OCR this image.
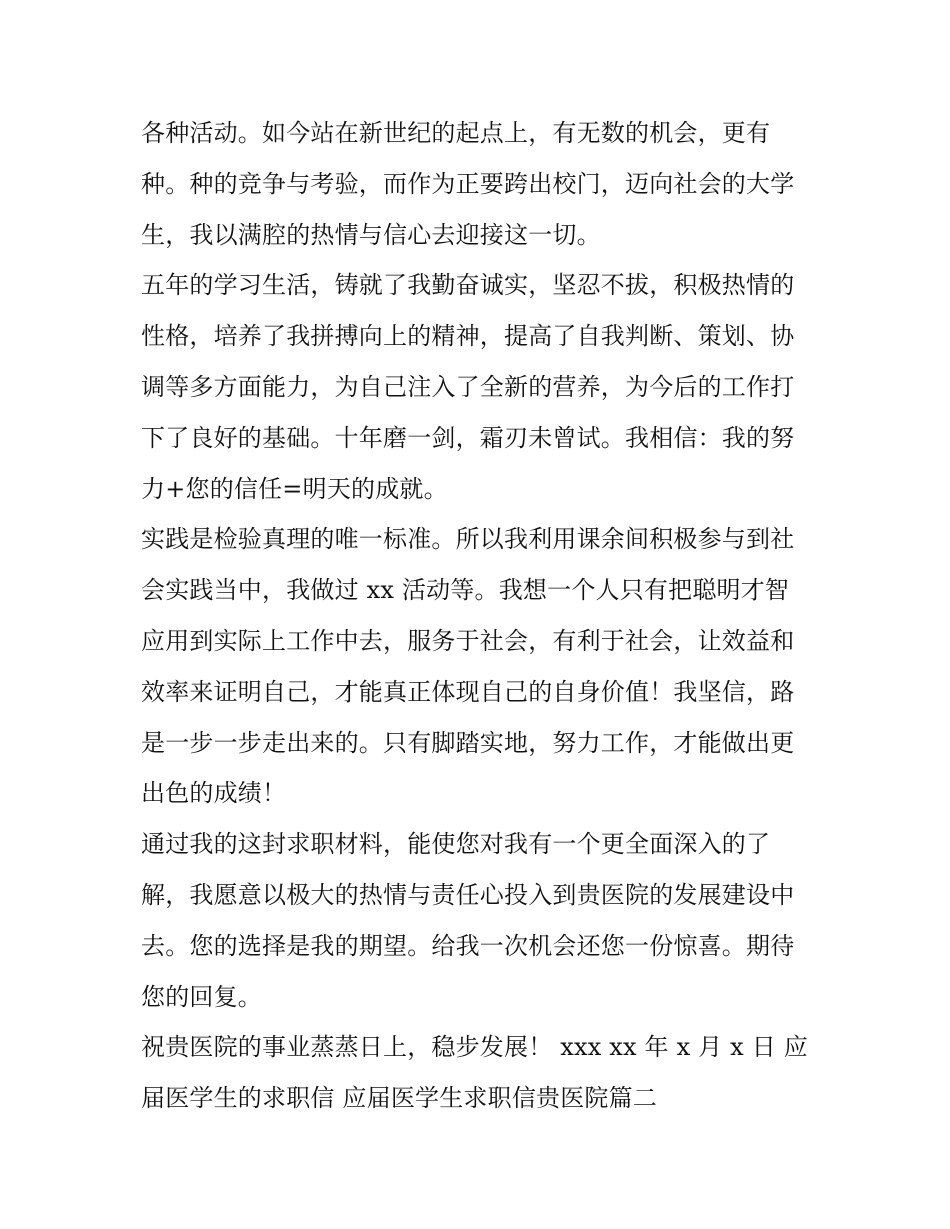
各种活动。如今站在新世纪的起点上，有无数的机会，更有
种。种的竞争与考验，而作为正要跨出校门，迈向社会的大学
生，我以满腔的热情与信心去迎接这一切。
五年的学习生活，铸就了我勤奋诚实，坚忍不拔，积极热情的
性格，培养了我拼搏向上的精神，提高了自我判断、策划、协
调等多方面能力，为自己注入了全新的营养，为今后的工作打
下了良好的基础。十年磨一剑，霜刃未曾试。我相信：我的努
力+您的信任=明天的成就。
实践是检验真理的唯一标准。所以我利用课余间积极参与到社
会实践当中，我做过 xx 活动等。我想一个人只有把聪明才智
应用到实际上工作中去，服务于社会，有利于社会，让效益和
效率来证明自己，才能真正体现自己的自身价值！我坚信，路
是一步一步走出来的。只有脚踏实地，努力工作，才能做出更
出色的成绩！
通过我的这封求职材料，能使您对我有一个更全面深入的了
解，我愿意以极大的热情与责任心投入到贵医院的发展建设中
去。您的选择是我的期望。给我一次机会还您一份惊喜。期待
您的回复。
祝贵医院的事业蒸蒸日上，稳步发展！ xxx xx 年 x 月 x 日 应
届医学生的求职信 应届医学生求职信贵医院篇二
